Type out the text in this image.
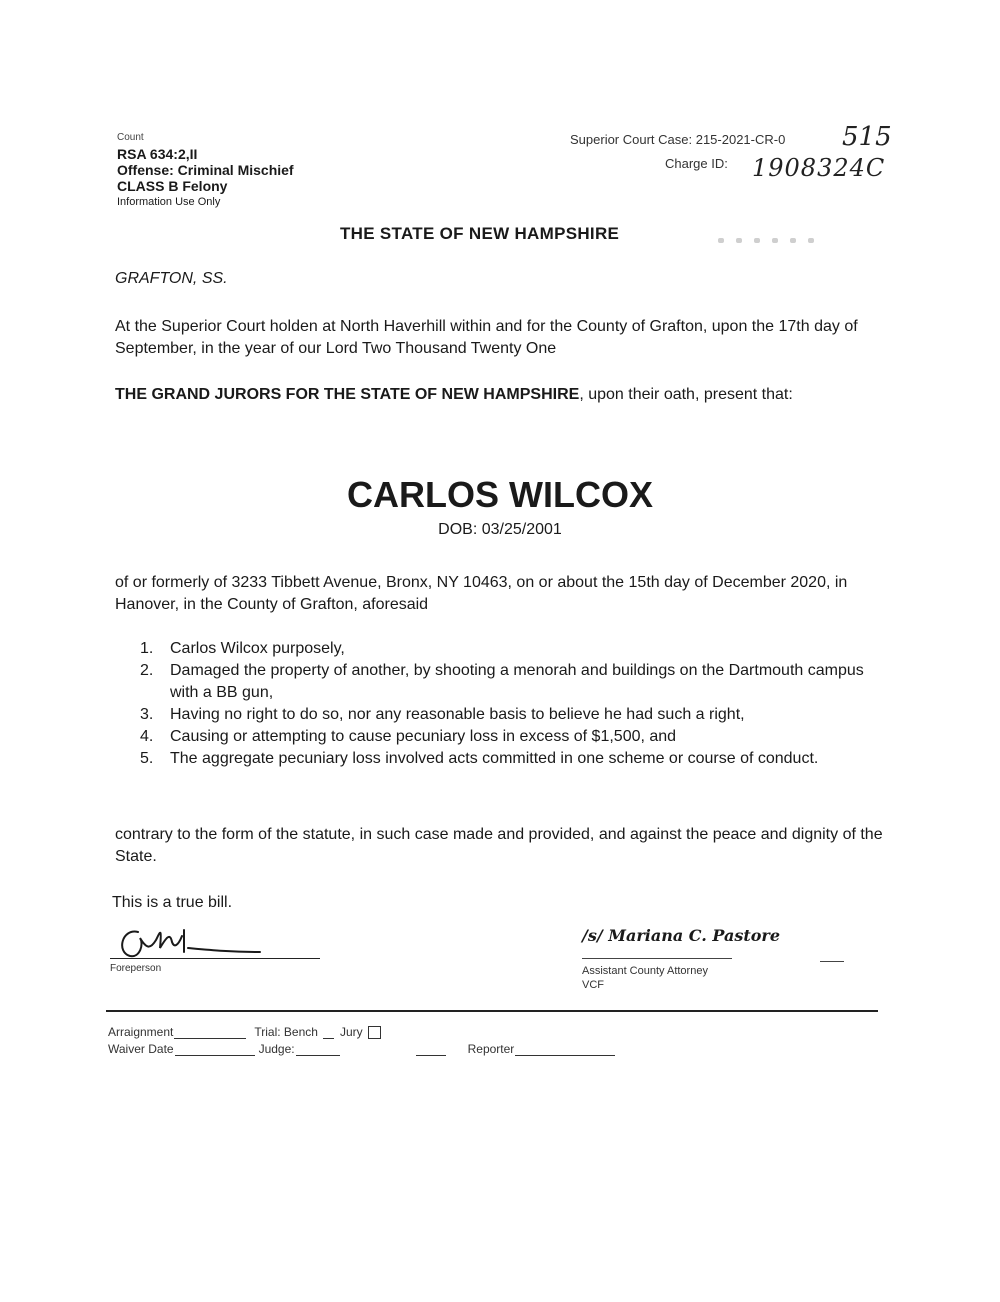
Count
RSA 634:2,II
Offense: Criminal Mischief
CLASS B Felony
Information Use Only
Superior Court Case: 215-2021-CR-0 515
Charge ID: 1908324C
THE STATE OF NEW HAMPSHIRE
GRAFTON, SS.
At the Superior Court holden at North Haverhill within and for the County of Grafton, upon the 17th day of September, in the year of our Lord Two Thousand Twenty One
THE GRAND JURORS FOR THE STATE OF NEW HAMPSHIRE, upon their oath, present that:
CARLOS WILCOX
DOB: 03/25/2001
of or formerly of 3233 Tibbett Avenue, Bronx, NY 10463, on or about the 15th day of December 2020, in Hanover, in the County of Grafton, aforesaid
1.	Carlos Wilcox purposely,
2.	Damaged the property of another, by shooting a menorah and buildings on the Dartmouth campus with a BB gun,
3.	Having no right to do so, nor any reasonable basis to believe he had such a right,
4.	Causing or attempting to cause pecuniary loss in excess of $1,500, and
5.	The aggregate pecuniary loss involved acts committed in one scheme or course of conduct.
contrary to the form of the statute, in such case made and provided, and against the peace and dignity of the State.
This is a true bill.
Foreperson
/s/ Mariana C. Pastore
Assistant County Attorney
VCF
Arraignment	Trial: Bench Jury
Waiver Date	Judge:	Reporter
